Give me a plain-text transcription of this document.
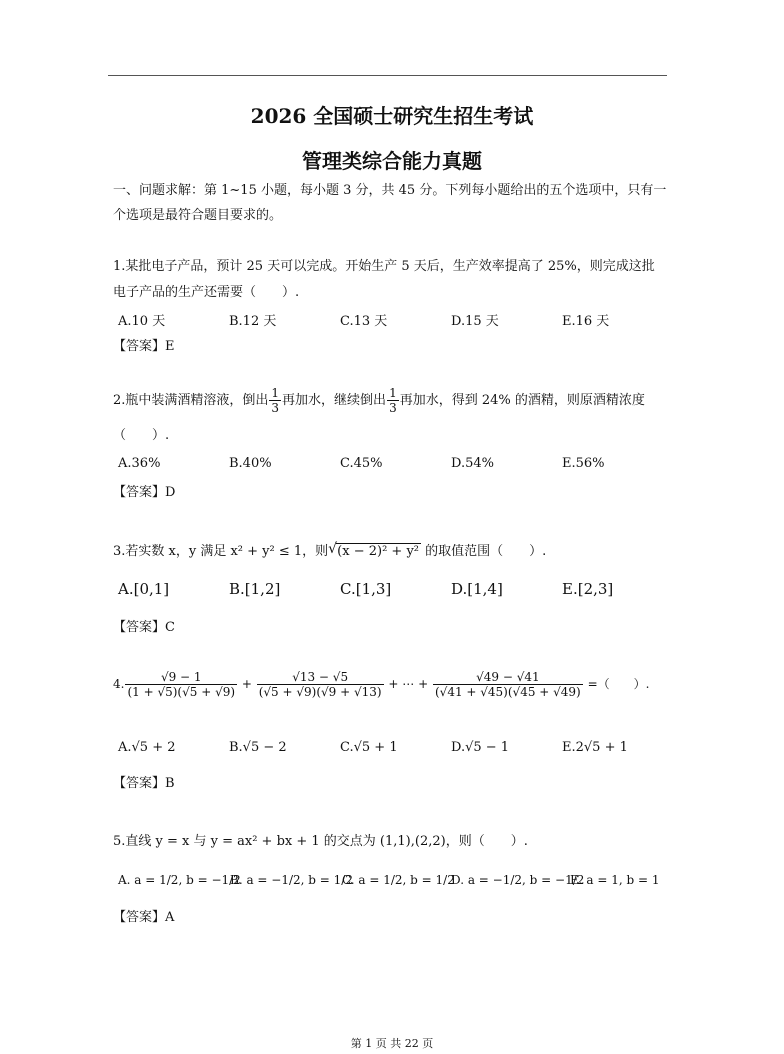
2026 全国硕士研究生招生考试
管理类综合能力真题
一、问题求解：第 1~15 小题，每小题 3 分，共 45 分。下列每小题给出的五个选项中，只有一个选项是最符合题目要求的。
1.某批电子产品，预计 25 天可以完成。开始生产 5 天后，生产效率提高了 25%，则完成这批
电子产品的生产还需要（　　）.
A.10 天	B.12 天	C.13 天	D.15 天	E.16 天
【答案】E
2.瓶中装满酒精溶液，倒出 $\frac{1}{3}$ 再加水，继续倒出 $\frac{1}{3}$ 再加水，得到 24% 的酒精，则原酒精浓度
（　　）.
A.36%	B.40%	C.45%	D.54%	E.56%
【答案】D
3.若实数 x，y 满足 x² + y² ≤ 1，则√ (x − 2)² + y² 的取值范围（　　）.
A.[0,1]	B.[1,2]	C.[1,3]	D.[1,4]	E.[2,3]
【答案】C
4. $\frac{√9 - 1}{(1 + √5)(√5 + √9)} + \frac{√13 - √5}{(√5 + √9)(√9 + √13)}$ + ⋯ + $\frac{√49 - √41}{(√41 + √45)(√45 + √49)}$ =（　　）.
A.√5 + 2	B.√5 − 2	C.√5 + 1	D.√5 − 1	E.2√5 + 1
【答案】B
5.直线 y = x 与 y = ax² + bx + 1 的交点为 (1,1),(2,2)，则（　　）.
A. a = 1/2, b = −1/2
B. a = −1/2, b = 1/2
C. a = 1/2, b = 1/2
D. a = −1/2, b = −1/2
E. a = 1, b = 1
【答案】A
第 1 页 共 22 页
